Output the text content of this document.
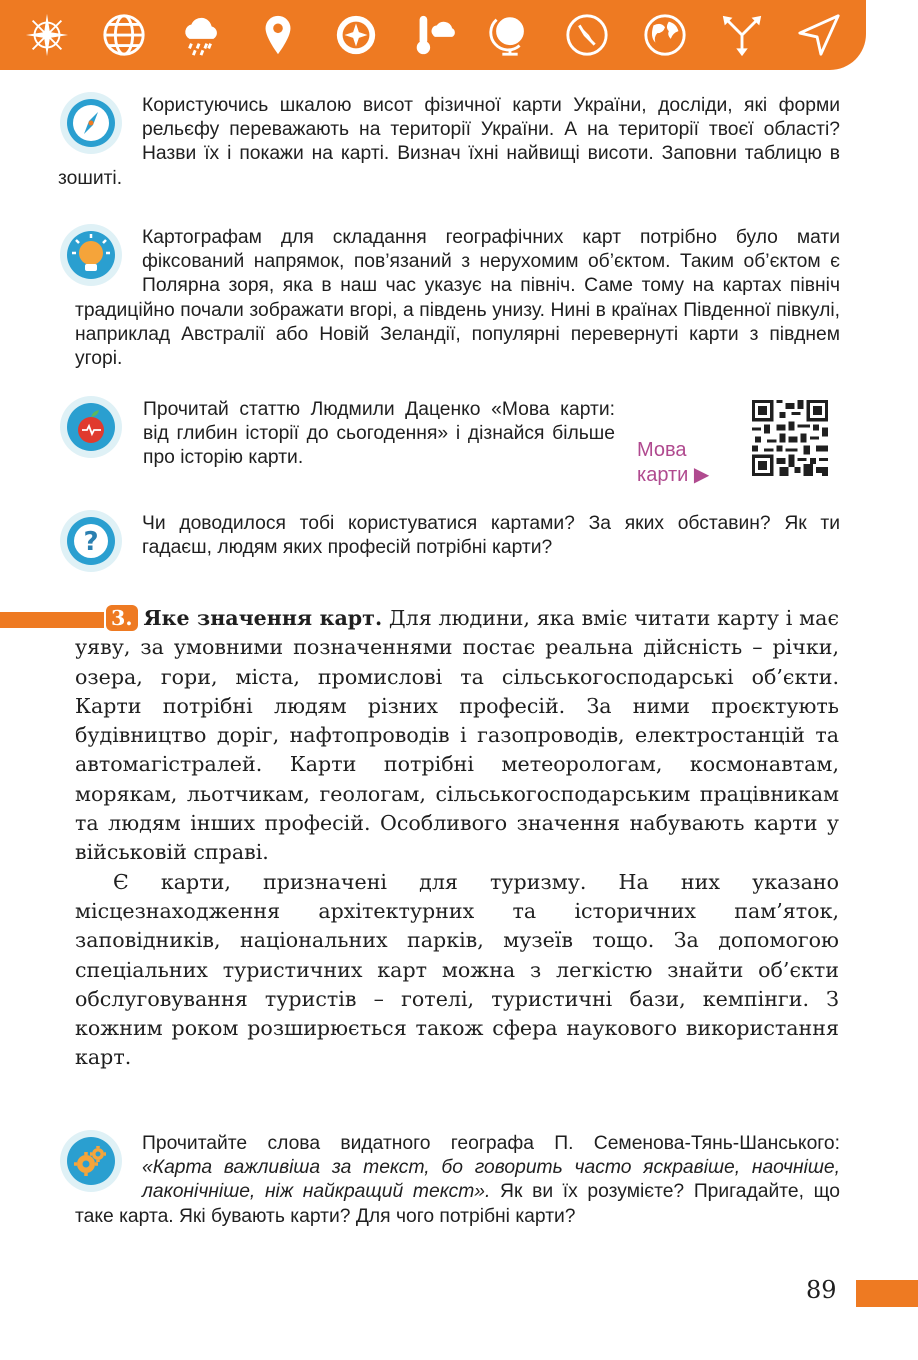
Користуючись шкалою висот фізичної карти України, досліди, які форми рельєфу переважають на території України. А на території твоєї області? Назви їх і покажи на карті. Визнач їхні найвищі висоти. Заповни таблицю в зошиті.

Картографам для складання географічних карт потрібно було мати фіксований напрямок, пов’язаний з нерухомим об’єктом. Таким об’єктом є Полярна зоря, яка в наш час указує на північ. Саме тому на картах північ традиційно почали зображати вгорі, а південь унизу. Нині в країнах Південної півкулі, наприклад Австралії або Новій Зеландії, популярні перевернуті карти з півднем угорі.

Прочитай статтю Людмили Даценко «Мова карти: від глибин історії до сьогодення» і дізнайся більше про історію карти.	Мова
карти ▶
?

Чи доводилося тобі користуватися картами? За яких обставин? Як ти гадаєш, людям яких професій потрібні карти?

3. Яке значення карт. Для людини, яка вміє читати карту і має уяву, за умовними позначеннями постає реальна дійсність – річки, озера, гори, міста, промислові та сільськогосподарські об’єкти. Карти потрібні людям різних професій. За ними проєктують будівництво доріг, нафтопроводів і газопроводів, електростанцій та автомагістралей. Карти потрібні метеорологам, космонавтам, морякам, льотчикам, геологам, сільськогосподарським працівникам та людям інших професій. Особливого значення набувають карти у військовій справі.

Є карти, призначені для туризму. На них указано місцезнаходження архітектурних та історичних пам’яток, заповідників, національних парків, музеїв тощо. За допомогою спеціальних туристичних карт можна з легкістю знайти об’єкти обслуговування туристів – готелі, туристичні бази, кемпінги. З кожним роком розширюється також сфера наукового використання карт.

Прочитайте слова видатного географа П. Семенова-Тянь-Шанського: «Карта важливіша за текст, бо говорить часто яскравіше, наочніше, лаконічніше, ніж найкращий текст». Як ви їх розумієте? Пригадайте, що таке карта. Які бувають карти? Для чого потрібні карти?

89
